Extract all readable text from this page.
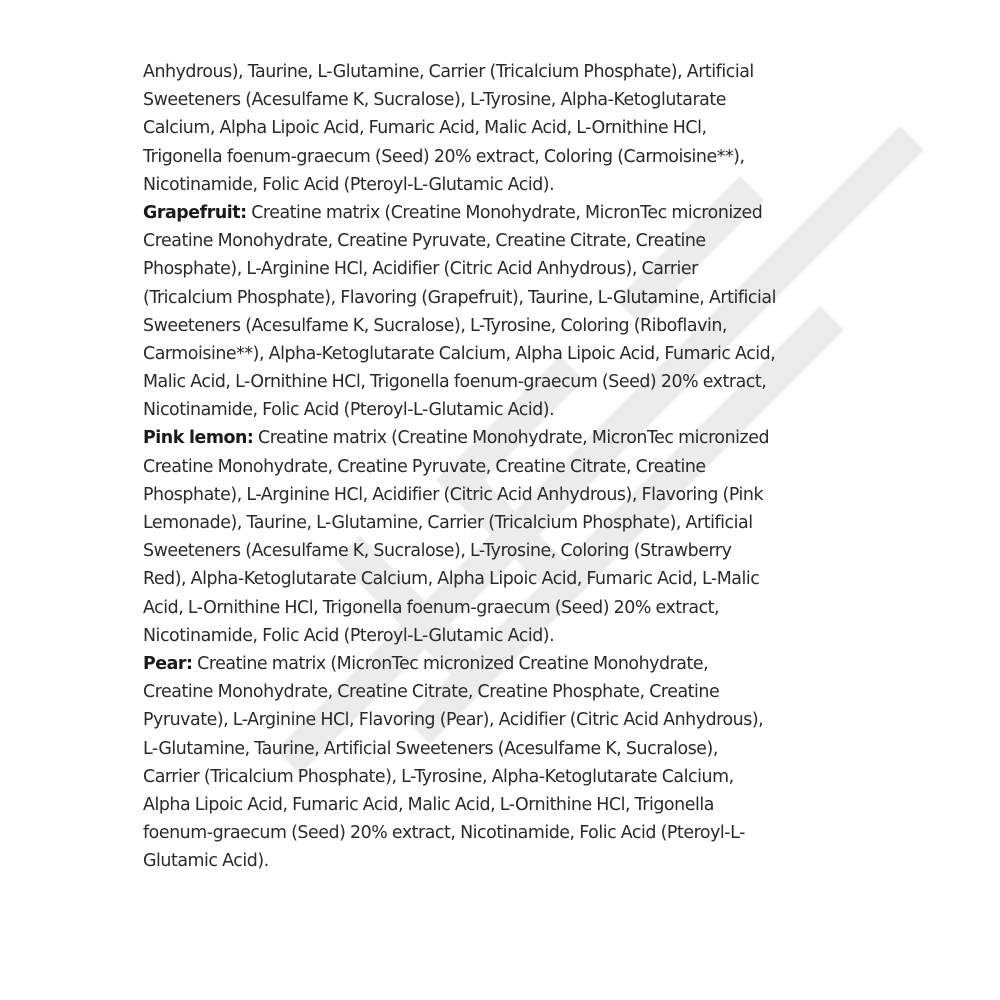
Anhydrous), Taurine, L-Glutamine, Carrier (Tricalcium Phosphate), Artificial
Sweeteners (Acesulfame K, Sucralose), L-Tyrosine, Alpha-Ketoglutarate
Calcium, Alpha Lipoic Acid, Fumaric Acid, Malic Acid, L-Ornithine HCl,
Trigonella foenum-graecum (Seed) 20% extract, Coloring (Carmoisine**),
Nicotinamide, Folic Acid (Pteroyl-L-Glutamic Acid).
Grapefruit: Creatine matrix (Creatine Monohydrate, MicronTec micronized
Creatine Monohydrate, Creatine Pyruvate, Creatine Citrate, Creatine
Phosphate), L-Arginine HCl, Acidifier (Citric Acid Anhydrous), Carrier
(Tricalcium Phosphate), Flavoring (Grapefruit), Taurine, L-Glutamine, Artificial
Sweeteners (Acesulfame K, Sucralose), L-Tyrosine, Coloring (Riboflavin,
Carmoisine**), Alpha-Ketoglutarate Calcium, Alpha Lipoic Acid, Fumaric Acid,
Malic Acid, L-Ornithine HCl, Trigonella foenum-graecum (Seed) 20% extract,
Nicotinamide, Folic Acid (Pteroyl-L-Glutamic Acid).
Pink lemon: Creatine matrix (Creatine Monohydrate, MicronTec micronized
Creatine Monohydrate, Creatine Pyruvate, Creatine Citrate, Creatine
Phosphate), L-Arginine HCl, Acidifier (Citric Acid Anhydrous), Flavoring (Pink
Lemonade), Taurine, L-Glutamine, Carrier (Tricalcium Phosphate), Artificial
Sweeteners (Acesulfame K, Sucralose), L-Tyrosine, Coloring (Strawberry
Red), Alpha-Ketoglutarate Calcium, Alpha Lipoic Acid, Fumaric Acid, L-Malic
Acid, L-Ornithine HCl, Trigonella foenum-graecum (Seed) 20% extract,
Nicotinamide, Folic Acid (Pteroyl-L-Glutamic Acid).
Pear: Creatine matrix (MicronTec micronized Creatine Monohydrate,
Creatine Monohydrate, Creatine Citrate, Creatine Phosphate, Creatine
Pyruvate), L-Arginine HCl, Flavoring (Pear), Acidifier (Citric Acid Anhydrous),
L-Glutamine, Taurine, Artificial Sweeteners (Acesulfame K, Sucralose),
Carrier (Tricalcium Phosphate), L-Tyrosine, Alpha-Ketoglutarate Calcium,
Alpha Lipoic Acid, Fumaric Acid, Malic Acid, L-Ornithine HCl, Trigonella
foenum-graecum (Seed) 20% extract, Nicotinamide, Folic Acid (Pteroyl-L-
Glutamic Acid).
